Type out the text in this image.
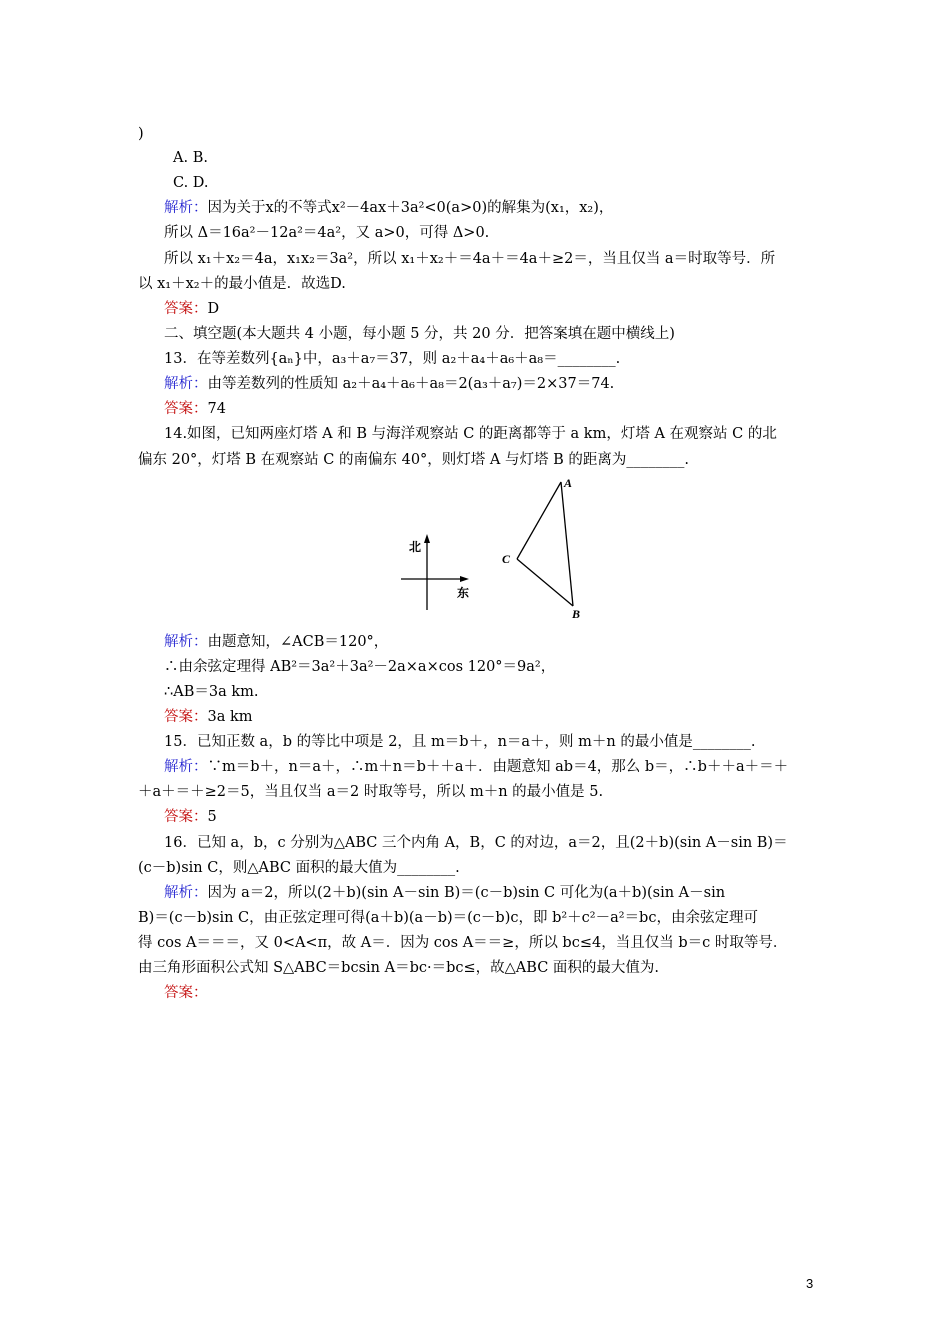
)
A. B.
C. D.
解析：因为关于x的不等式x²－4ax＋3a²<0(a>0)的解集为(x₁，x₂)，
所以 Δ＝16a²－12a²＝4a²，又 a>0，可得 Δ>0.
所以 x₁＋x₂＝4a，x₁x₂＝3a²，所以 x₁＋x₂＋＝4a＋＝4a＋≥2＝，当且仅当 a＝时取等号．所
以 x₁＋x₂＋的最小值是．故选D.
答案：D
二、填空题(本大题共 4 小题，每小题 5 分，共 20 分．把答案填在题中横线上)
13．在等差数列{aₙ}中，a₃＋a₇＝37，则 a₂＋a₄＋a₆＋a₈＝________.
解析：由等差数列的性质知 a₂＋a₄＋a₆＋a₈＝2(a₃＋a₇)＝2×37＝74.
答案：74
14.如图，已知两座灯塔 A 和 B 与海洋观察站 C 的距离都等于 a km，灯塔 A 在观察站 C 的北
偏东 20°，灯塔 B 在观察站 C 的南偏东 40°，则灯塔 A 与灯塔 B 的距离为________.
北
东
A
C
B
解析：由题意知，∠ACB＝120°，
∴由余弦定理得 AB²＝3a²＋3a²－2a×a×cos 120°＝9a²，
∴AB＝3a km.
答案：3a km
15．已知正数 a，b 的等比中项是 2，且 m＝b＋，n＝a＋，则 m＋n 的最小值是________.
解析：∵m＝b＋，n＝a＋，∴m＋n＝b＋＋a＋．由题意知 ab＝4，那么 b＝，∴b＋＋a＋＝＋
＋a＋＝＋≥2＝5，当且仅当 a＝2 时取等号，所以 m＋n 的最小值是 5.
答案：5
16．已知 a，b，c 分别为△ABC 三个内角 A，B，C 的对边，a＝2，且(2＋b)(sin A－sin B)＝
(c－b)sin C，则△ABC 面积的最大值为________.
解析：因为 a＝2，所以(2＋b)(sin A－sin B)＝(c－b)sin C 可化为(a＋b)(sin A－sin
B)＝(c－b)sin C，由正弦定理可得(a＋b)(a－b)＝(c－b)c，即 b²＋c²－a²＝bc，由余弦定理可
得 cos A＝＝＝，又 0<A<π，故 A＝．因为 cos A＝＝≥，所以 bc≤4，当且仅当 b＝c 时取等号．
由三角形面积公式知 S△ABC＝bcsin A＝bc·＝bc≤，故△ABC 面积的最大值为.
答案：
3
